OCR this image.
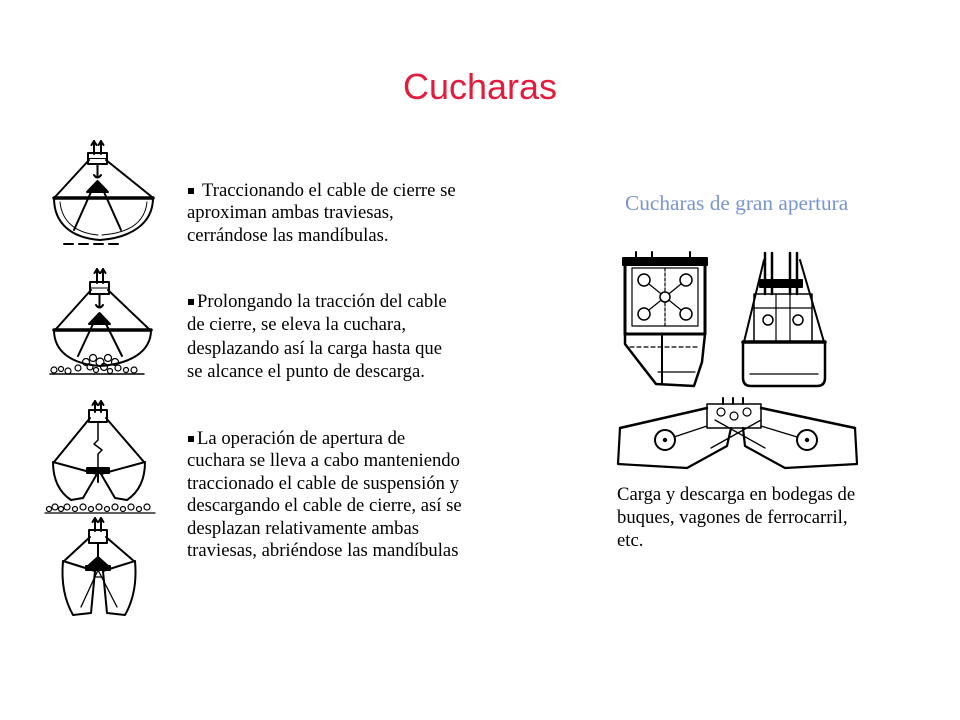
Cucharas
Traccionando el cable de cierre se
aproximan ambas traviesas,
cerrándose las mandíbulas.
Prolongando la tracción del cable
de cierre, se eleva la cuchara,
desplazando así la carga hasta que
se alcance el punto de descarga.
La operación de apertura de
cuchara se lleva a cabo manteniendo
traccionado el cable de suspensión y
descargando el cable de cierre, así se
desplazan relativamente ambas
traviesas, abriéndose las mandíbulas
Cucharas de gran apertura
Carga y descarga en bodegas de
buques, vagones de ferrocarril,
etc.
